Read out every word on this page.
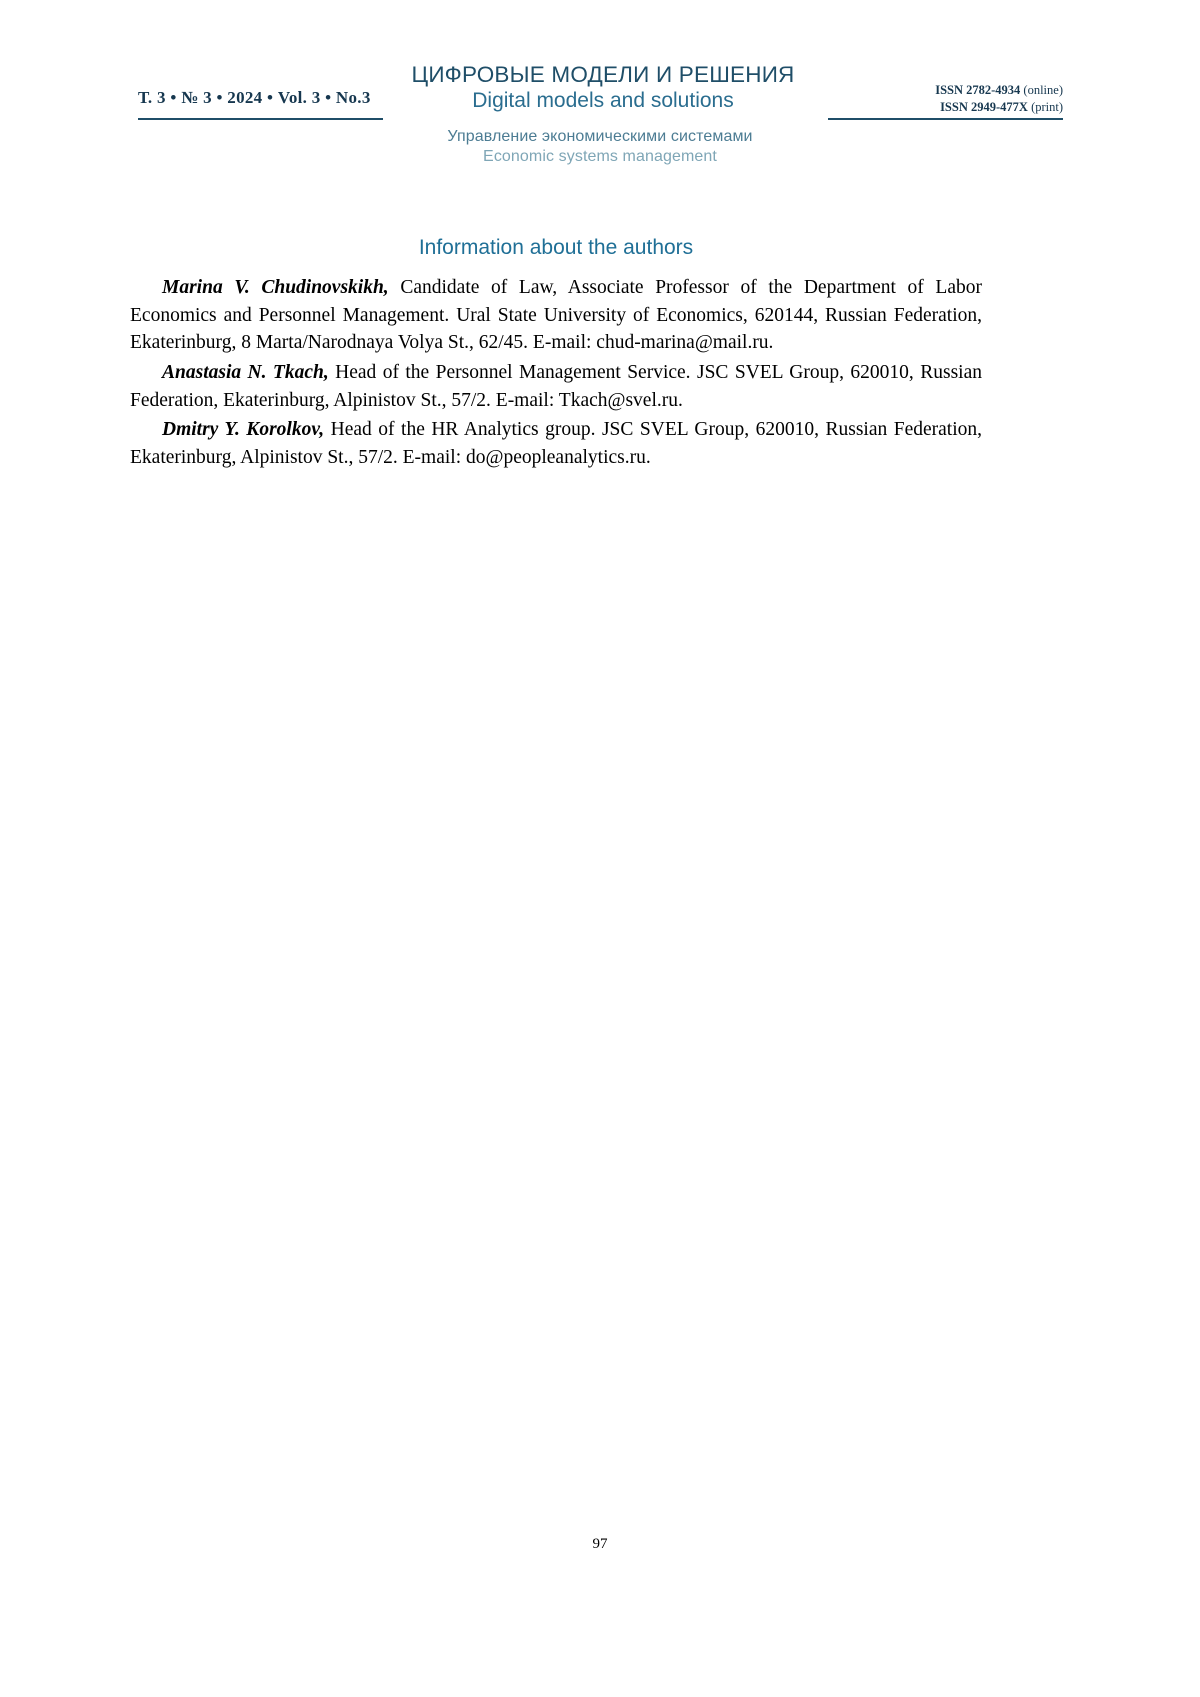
Т. 3 • № 3 • 2024 • Vol. 3 • No.3
ЦИФРОВЫЕ МОДЕЛИ И РЕШЕНИЯ
Digital models and solutions	ISSN 2782-4934 (online)
ISSN 2949-477X (print)
Управление экономическими системами
Economic systems management
Information about the authors

Marina V. Chudinovskikh, Candidate of Law, Associate Professor of the Department of Labor Economics and Personnel Management. Ural State University of Economics, 620144, Russian Federation, Ekaterinburg, 8 Marta/Narodnaya Volya St., 62/45. E-mail: chud-marina@mail.ru.

Anastasia N. Tkach, Head of the Personnel Management Service. JSC SVEL Group, 620010, Russian Federation, Ekaterinburg, Alpinistov St., 57/2. E-mail: Tkach@svel.ru.

Dmitry Y. Korolkov, Head of the HR Analytics group. JSC SVEL Group, 620010, Russian Federation, Ekaterinburg, Alpinistov St., 57/2. E-mail: do@peopleanalytics.ru.

97
